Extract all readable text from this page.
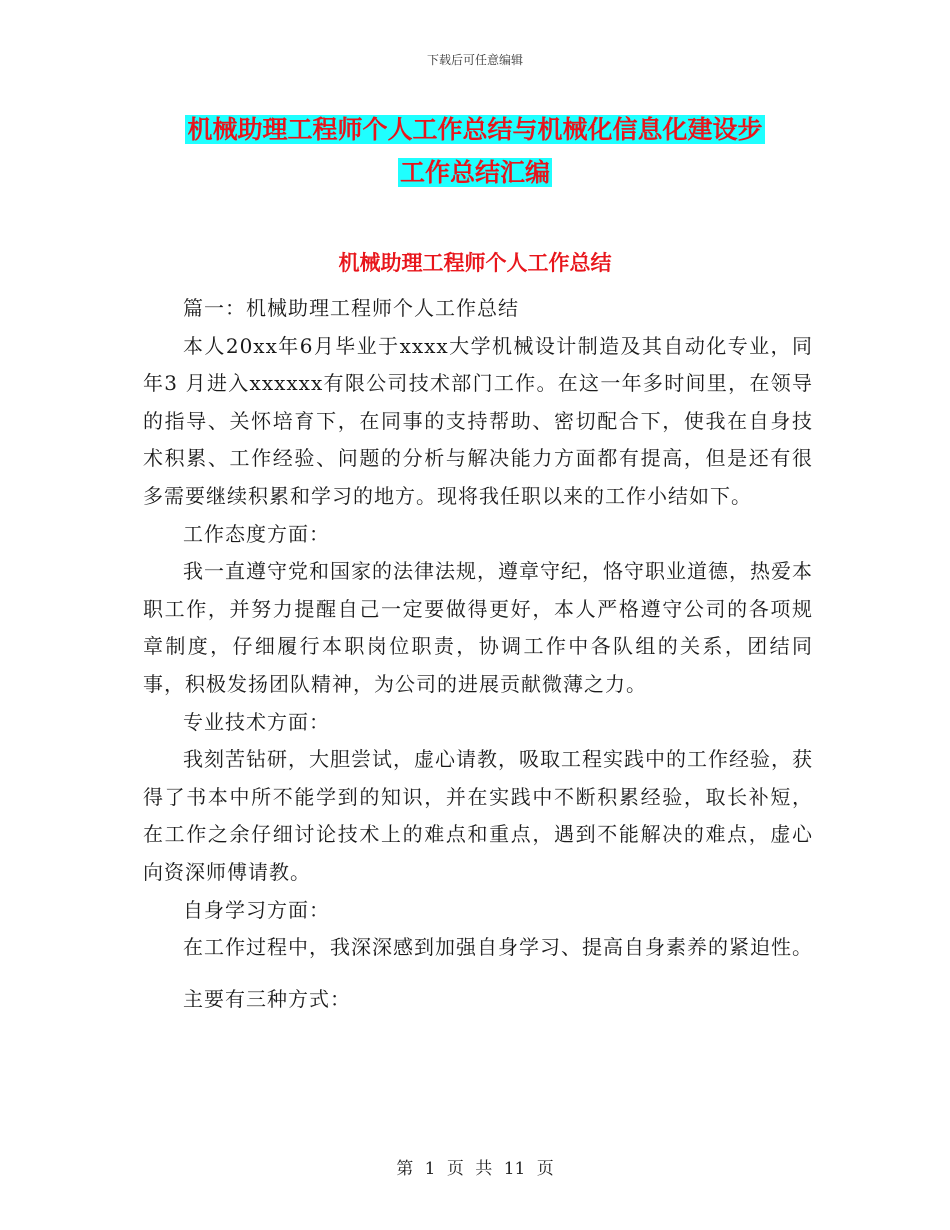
下载后可任意编辑
机械助理工程师个人工作总结与机械化信息化建设步
工作总结汇编
机械助理工程师个人工作总结

篇一：机械助理工程师个人工作总结

本人20xx年6月毕业于xxxx大学机械设计制造及其自动化专业，同年3 月进入xxxxxx有限公司技术部门工作。在这一年多时间里，在领导的指导、关怀培育下，在同事的支持帮助、密切配合下，使我在自身技术积累、工作经验、问题的分析与解决能力方面都有提高，但是还有很多需要继续积累和学习的地方。现将我任职以来的工作小结如下。

工作态度方面：

我一直遵守党和国家的法律法规，遵章守纪，恪守职业道德，热爱本职工作，并努力提醒自己一定要做得更好，本人严格遵守公司的各项规章制度，仔细履行本职岗位职责，协调工作中各队组的关系，团结同事，积极发扬团队精神，为公司的进展贡献微薄之力。

专业技术方面：

我刻苦钻研，大胆尝试，虚心请教，吸取工程实践中的工作经验，获得了书本中所不能学到的知识，并在实践中不断积累经验，取长补短，在工作之余仔细讨论技术上的难点和重点，遇到不能解决的难点，虚心向资深师傅请教。

自身学习方面：

在工作过程中，我深深感到加强自身学习、提高自身素养的紧迫性。

主要有三种方式：

第 1 页 共 11 页
